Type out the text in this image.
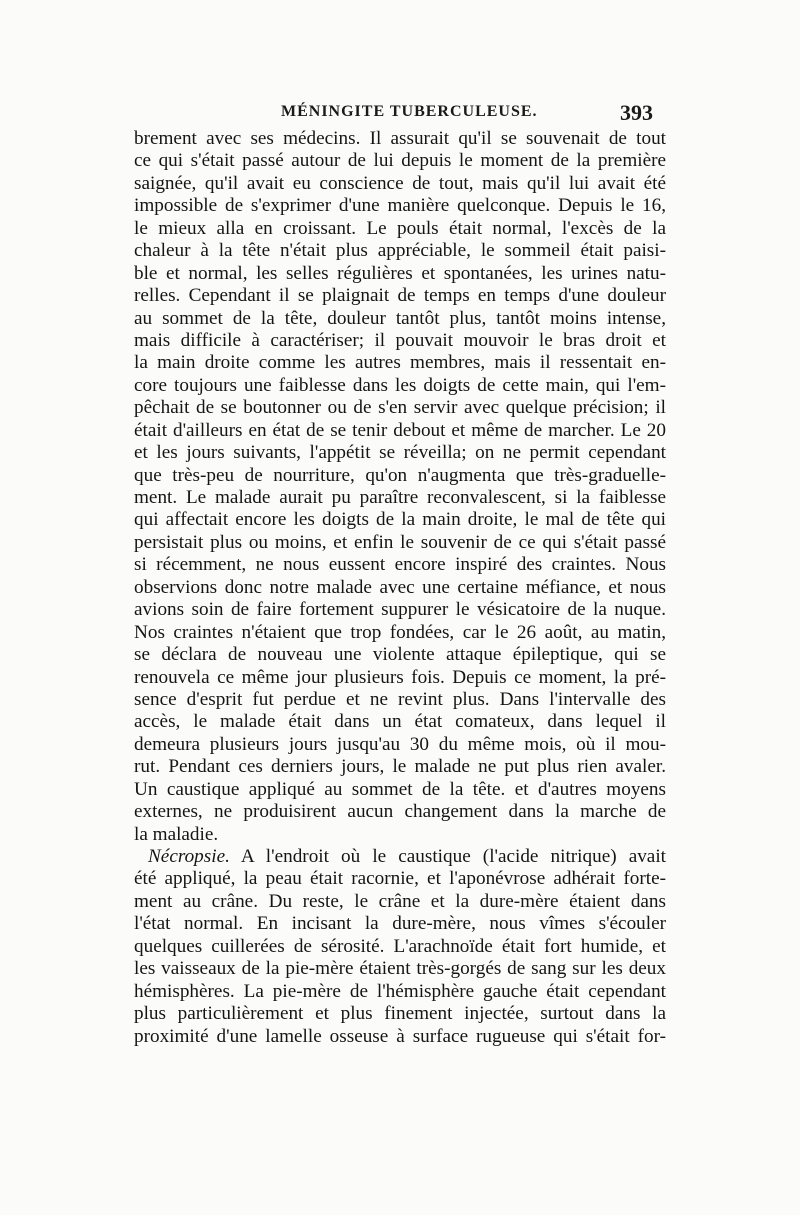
MÉNINGITE TUBERCULEUSE.	393
brement avec ses médecins. Il assurait qu'il se souvenait de tout
ce qui s'était passé autour de lui depuis le moment de la première
saignée, qu'il avait eu conscience de tout, mais qu'il lui avait été
impossible de s'exprimer d'une manière quelconque. Depuis le 16,
le mieux alla en croissant. Le pouls était normal, l'excès de la
chaleur à la tête n'était plus appréciable, le sommeil était paisi-
ble et normal, les selles régulières et spontanées, les urines natu-
relles. Cependant il se plaignait de temps en temps d'une douleur
au sommet de la tête, douleur tantôt plus, tantôt moins intense,
mais difficile à caractériser; il pouvait mouvoir le bras droit et
la main droite comme les autres membres, mais il ressentait en-
core toujours une faiblesse dans les doigts de cette main, qui l'em-
pêchait de se boutonner ou de s'en servir avec quelque précision; il
était d'ailleurs en état de se tenir debout et même de marcher. Le 20
et les jours suivants, l'appétit se réveilla; on ne permit cependant
que très-peu de nourriture, qu'on n'augmenta que très-graduelle-
ment. Le malade aurait pu paraître reconvalescent, si la faiblesse
qui affectait encore les doigts de la main droite, le mal de tête qui
persistait plus ou moins, et enfin le souvenir de ce qui s'était passé
si récemment, ne nous eussent encore inspiré des craintes. Nous
observions donc notre malade avec une certaine méfiance, et nous
avions soin de faire fortement suppurer le vésicatoire de la nuque.
Nos craintes n'étaient que trop fondées, car le 26 août, au matin,
se déclara de nouveau une violente attaque épileptique, qui se
renouvela ce même jour plusieurs fois. Depuis ce moment, la pré-
sence d'esprit fut perdue et ne revint plus. Dans l'intervalle des
accès, le malade était dans un état comateux, dans lequel il
demeura plusieurs jours jusqu'au 30 du même mois, où il mou-
rut. Pendant ces derniers jours, le malade ne put plus rien avaler.
Un caustique appliqué au sommet de la tête. et d'autres moyens
externes, ne produisirent aucun changement dans la marche de
la maladie.
Nécropsie. A l'endroit où le caustique (l'acide nitrique) avait
été appliqué, la peau était racornie, et l'aponévrose adhérait forte-
ment au crâne. Du reste, le crâne et la dure-mère étaient dans
l'état normal. En incisant la dure-mère, nous vîmes s'écouler
quelques cuillerées de sérosité. L'arachnoïde était fort humide, et
les vaisseaux de la pie-mère étaient très-gorgés de sang sur les deux
hémisphères. La pie-mère de l'hémisphère gauche était cependant
plus particulièrement et plus finement injectée, surtout dans la
proximité d'une lamelle osseuse à surface rugueuse qui s'était for-
